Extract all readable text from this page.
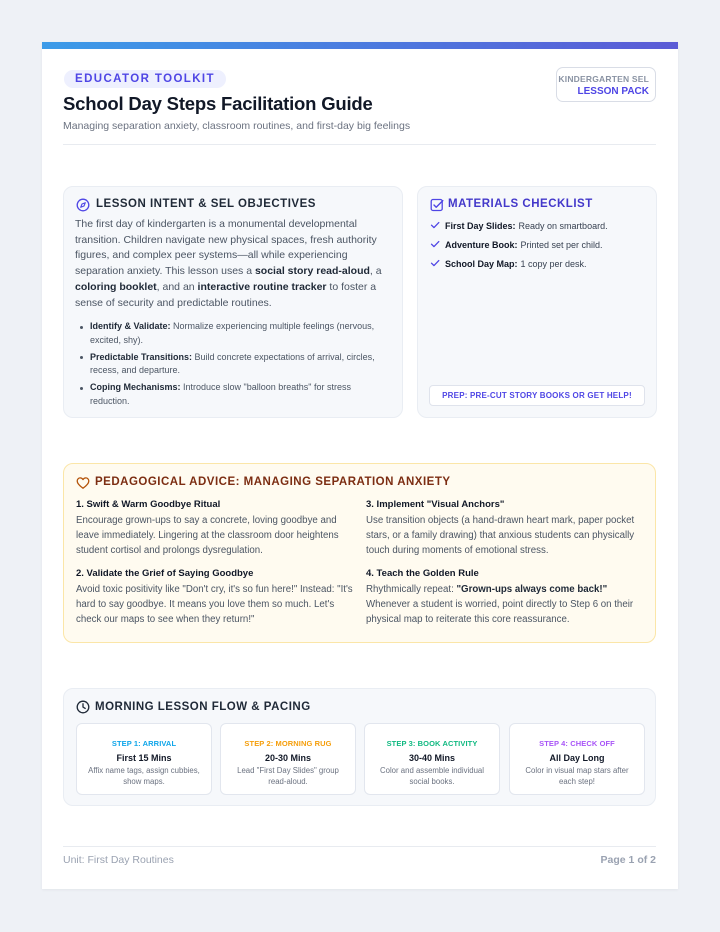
EDUCATOR TOOLKIT
School Day Steps Facilitation Guide
Managing separation anxiety, classroom routines, and first-day big feelings
KINDERGARTEN SEL
LESSON PACK
LESSON INTENT & SEL OBJECTIVES
The first day of kindergarten is a monumental developmental transition. Children navigate new physical spaces, fresh authority figures, and complex peer systems—all while experiencing separation anxiety. This lesson uses a social story read-aloud, a coloring booklet, and an interactive routine tracker to foster a sense of security and predictable routines.
Identify & Validate: Normalize experiencing multiple feelings (nervous, excited, shy).
Predictable Transitions: Build concrete expectations of arrival, circles, recess, and departure.
Coping Mechanisms: Introduce slow "balloon breaths" for stress reduction.
MATERIALS CHECKLIST
First Day Slides: Ready on smartboard.
Adventure Book: Printed set per child.
School Day Map: 1 copy per desk.
PREP: PRE-CUT STORY BOOKS OR GET HELP!
PEDAGOGICAL ADVICE: MANAGING SEPARATION ANXIETY
1. Swift & Warm Goodbye Ritual

Encourage grown-ups to say a concrete, loving goodbye and leave immediately. Lingering at the classroom door heightens student cortisol and prolongs dysregulation.

2. Validate the Grief of Saying Goodbye

Avoid toxic positivity like "Don't cry, it's so fun here!" Instead: "It's hard to say goodbye. It means you love them so much. Let's check our maps to see when they return!"

3. Implement "Visual Anchors"

Use transition objects (a hand-drawn heart mark, paper pocket stars, or a family drawing) that anxious students can physically touch during moments of emotional stress.

4. Teach the Golden Rule

Rhythmically repeat: "Grown-ups always come back!" Whenever a student is worried, point directly to Step 6 on their physical map to reiterate this core reassurance.

MORNING LESSON FLOW & PACING
STEP 1: ARRIVAL
First 15 Mins
Affix name tags, assign cubbies, show maps.
STEP 2: MORNING RUG
20-30 Mins
Lead "First Day Slides" group read-aloud.
STEP 3: BOOK ACTIVITY
30-40 Mins
Color and assemble individual social books.
STEP 4: CHECK OFF
All Day Long
Color in visual map stars after each step!
Unit: First Day Routines	Page 1 of 2
